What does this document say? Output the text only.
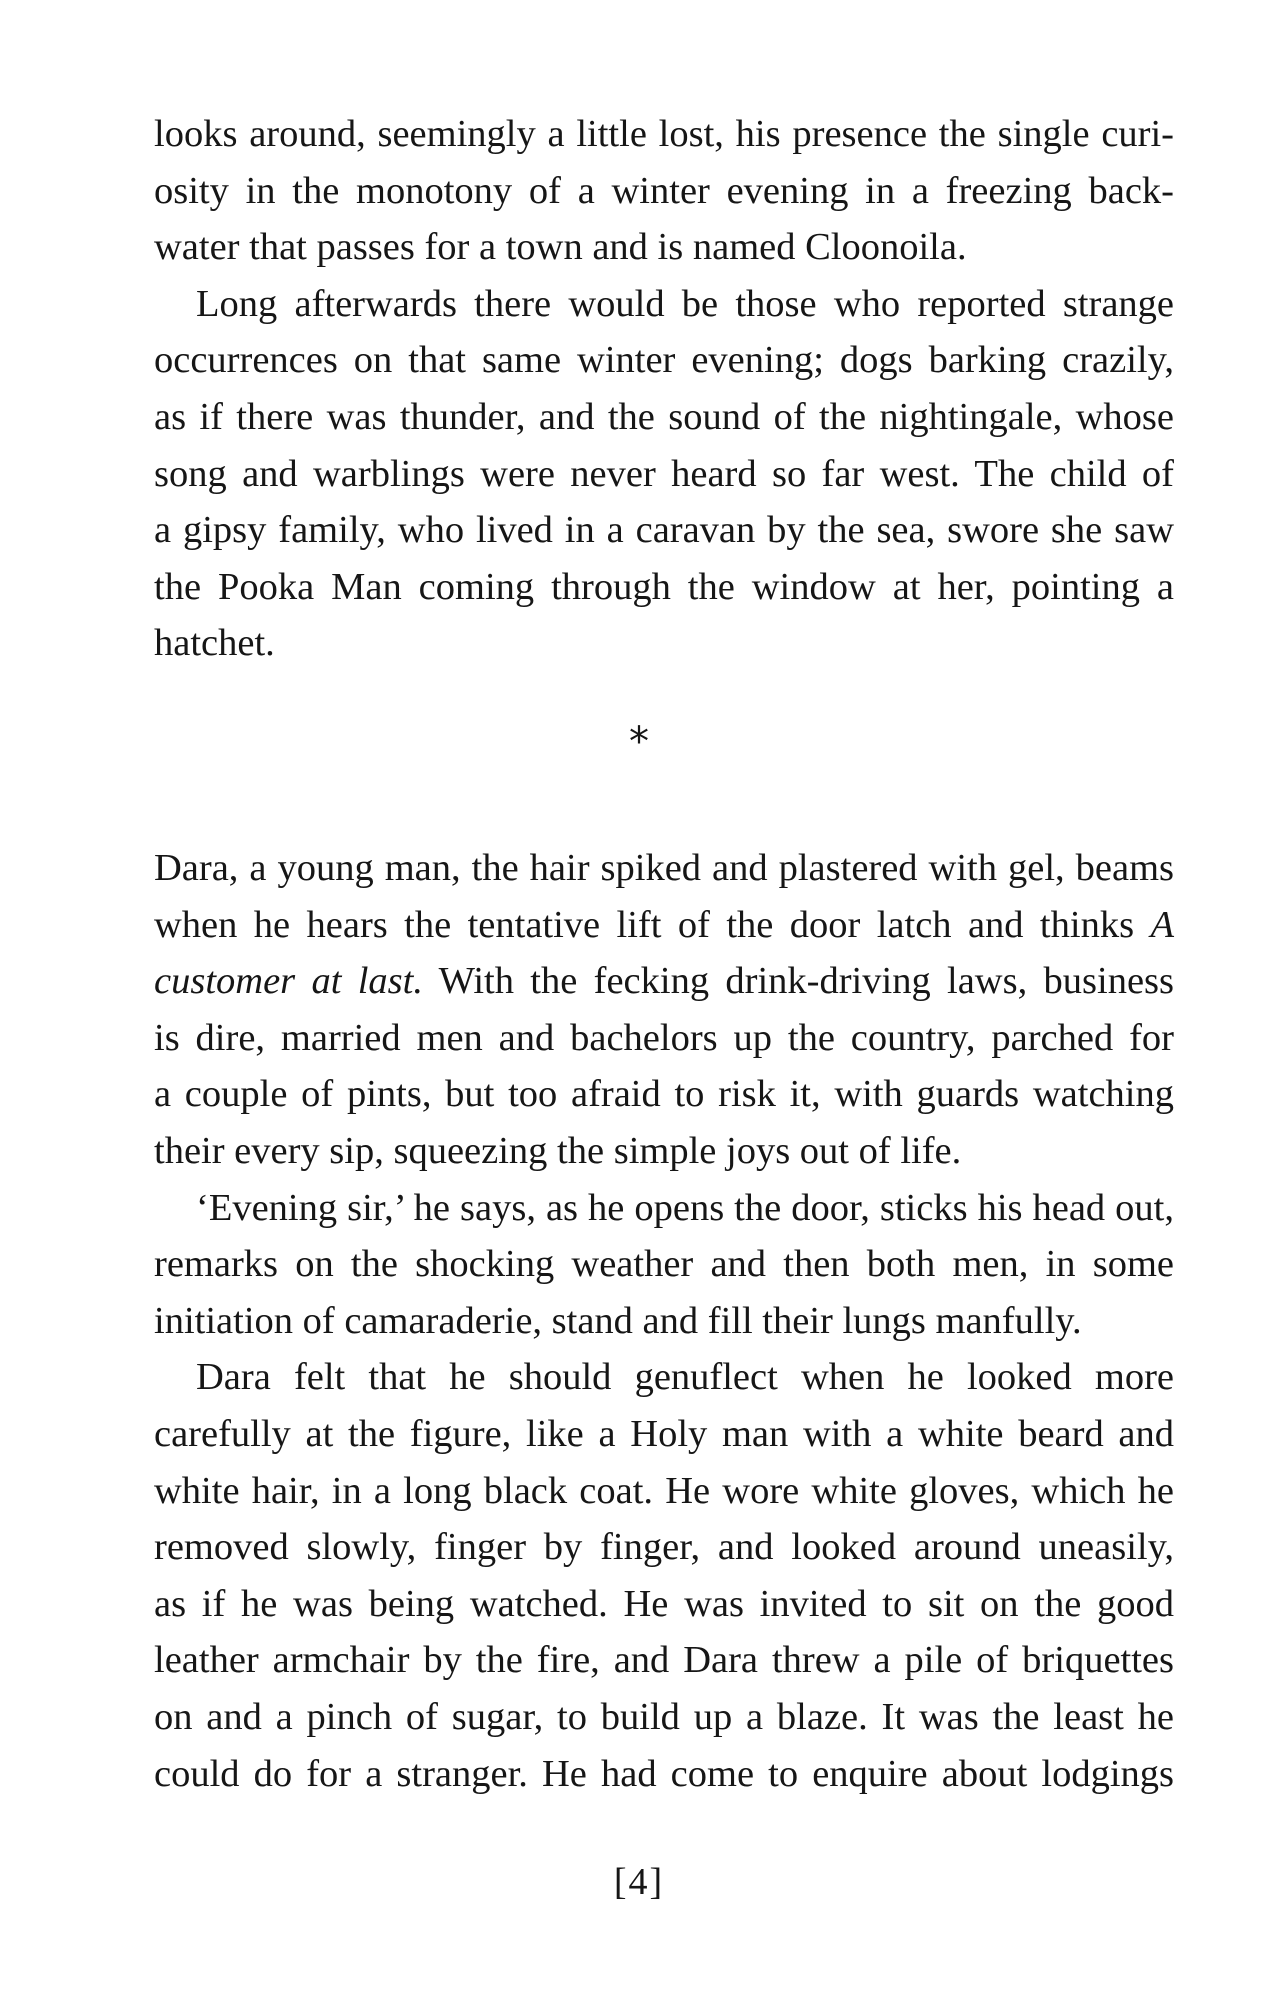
looks around, seemingly a little lost, his presence the single curi-
osity in the monotony of a winter evening in a freezing back-
water that passes for a town and is named Cloonoila.

Long afterwards there would be those who reported strange
occurrences on that same winter evening; dogs barking crazily,
as if there was thunder, and the sound of the nightingale, whose
song and warblings were never heard so far west. The child of
a gipsy family, who lived in a caravan by the sea, swore she saw
the Pooka Man coming through the window at her, pointing a
hatchet.

*

Dara, a young man, the hair spiked and plastered with gel, beams
when he hears the tentative lift of the door latch and thinks A
customer at last. With the fecking drink-driving laws, business
is dire, married men and bachelors up the country, parched for
a couple of pints, but too afraid to risk it, with guards watching
their every sip, squeezing the simple joys out of life.

‘Evening sir,’ he says, as he opens the door, sticks his head out,
remarks on the shocking weather and then both men, in some
initiation of camaraderie, stand and fill their lungs manfully.

Dara felt that he should genuflect when he looked more
carefully at the figure, like a Holy man with a white beard and
white hair, in a long black coat. He wore white gloves, which he
removed slowly, finger by finger, and looked around uneasily,
as if he was being watched. He was invited to sit on the good
leather armchair by the fire, and Dara threw a pile of briquettes
on and a pinch of sugar, to build up a blaze. It was the least he
could do for a stranger. He had come to enquire about lodgings

[4]
